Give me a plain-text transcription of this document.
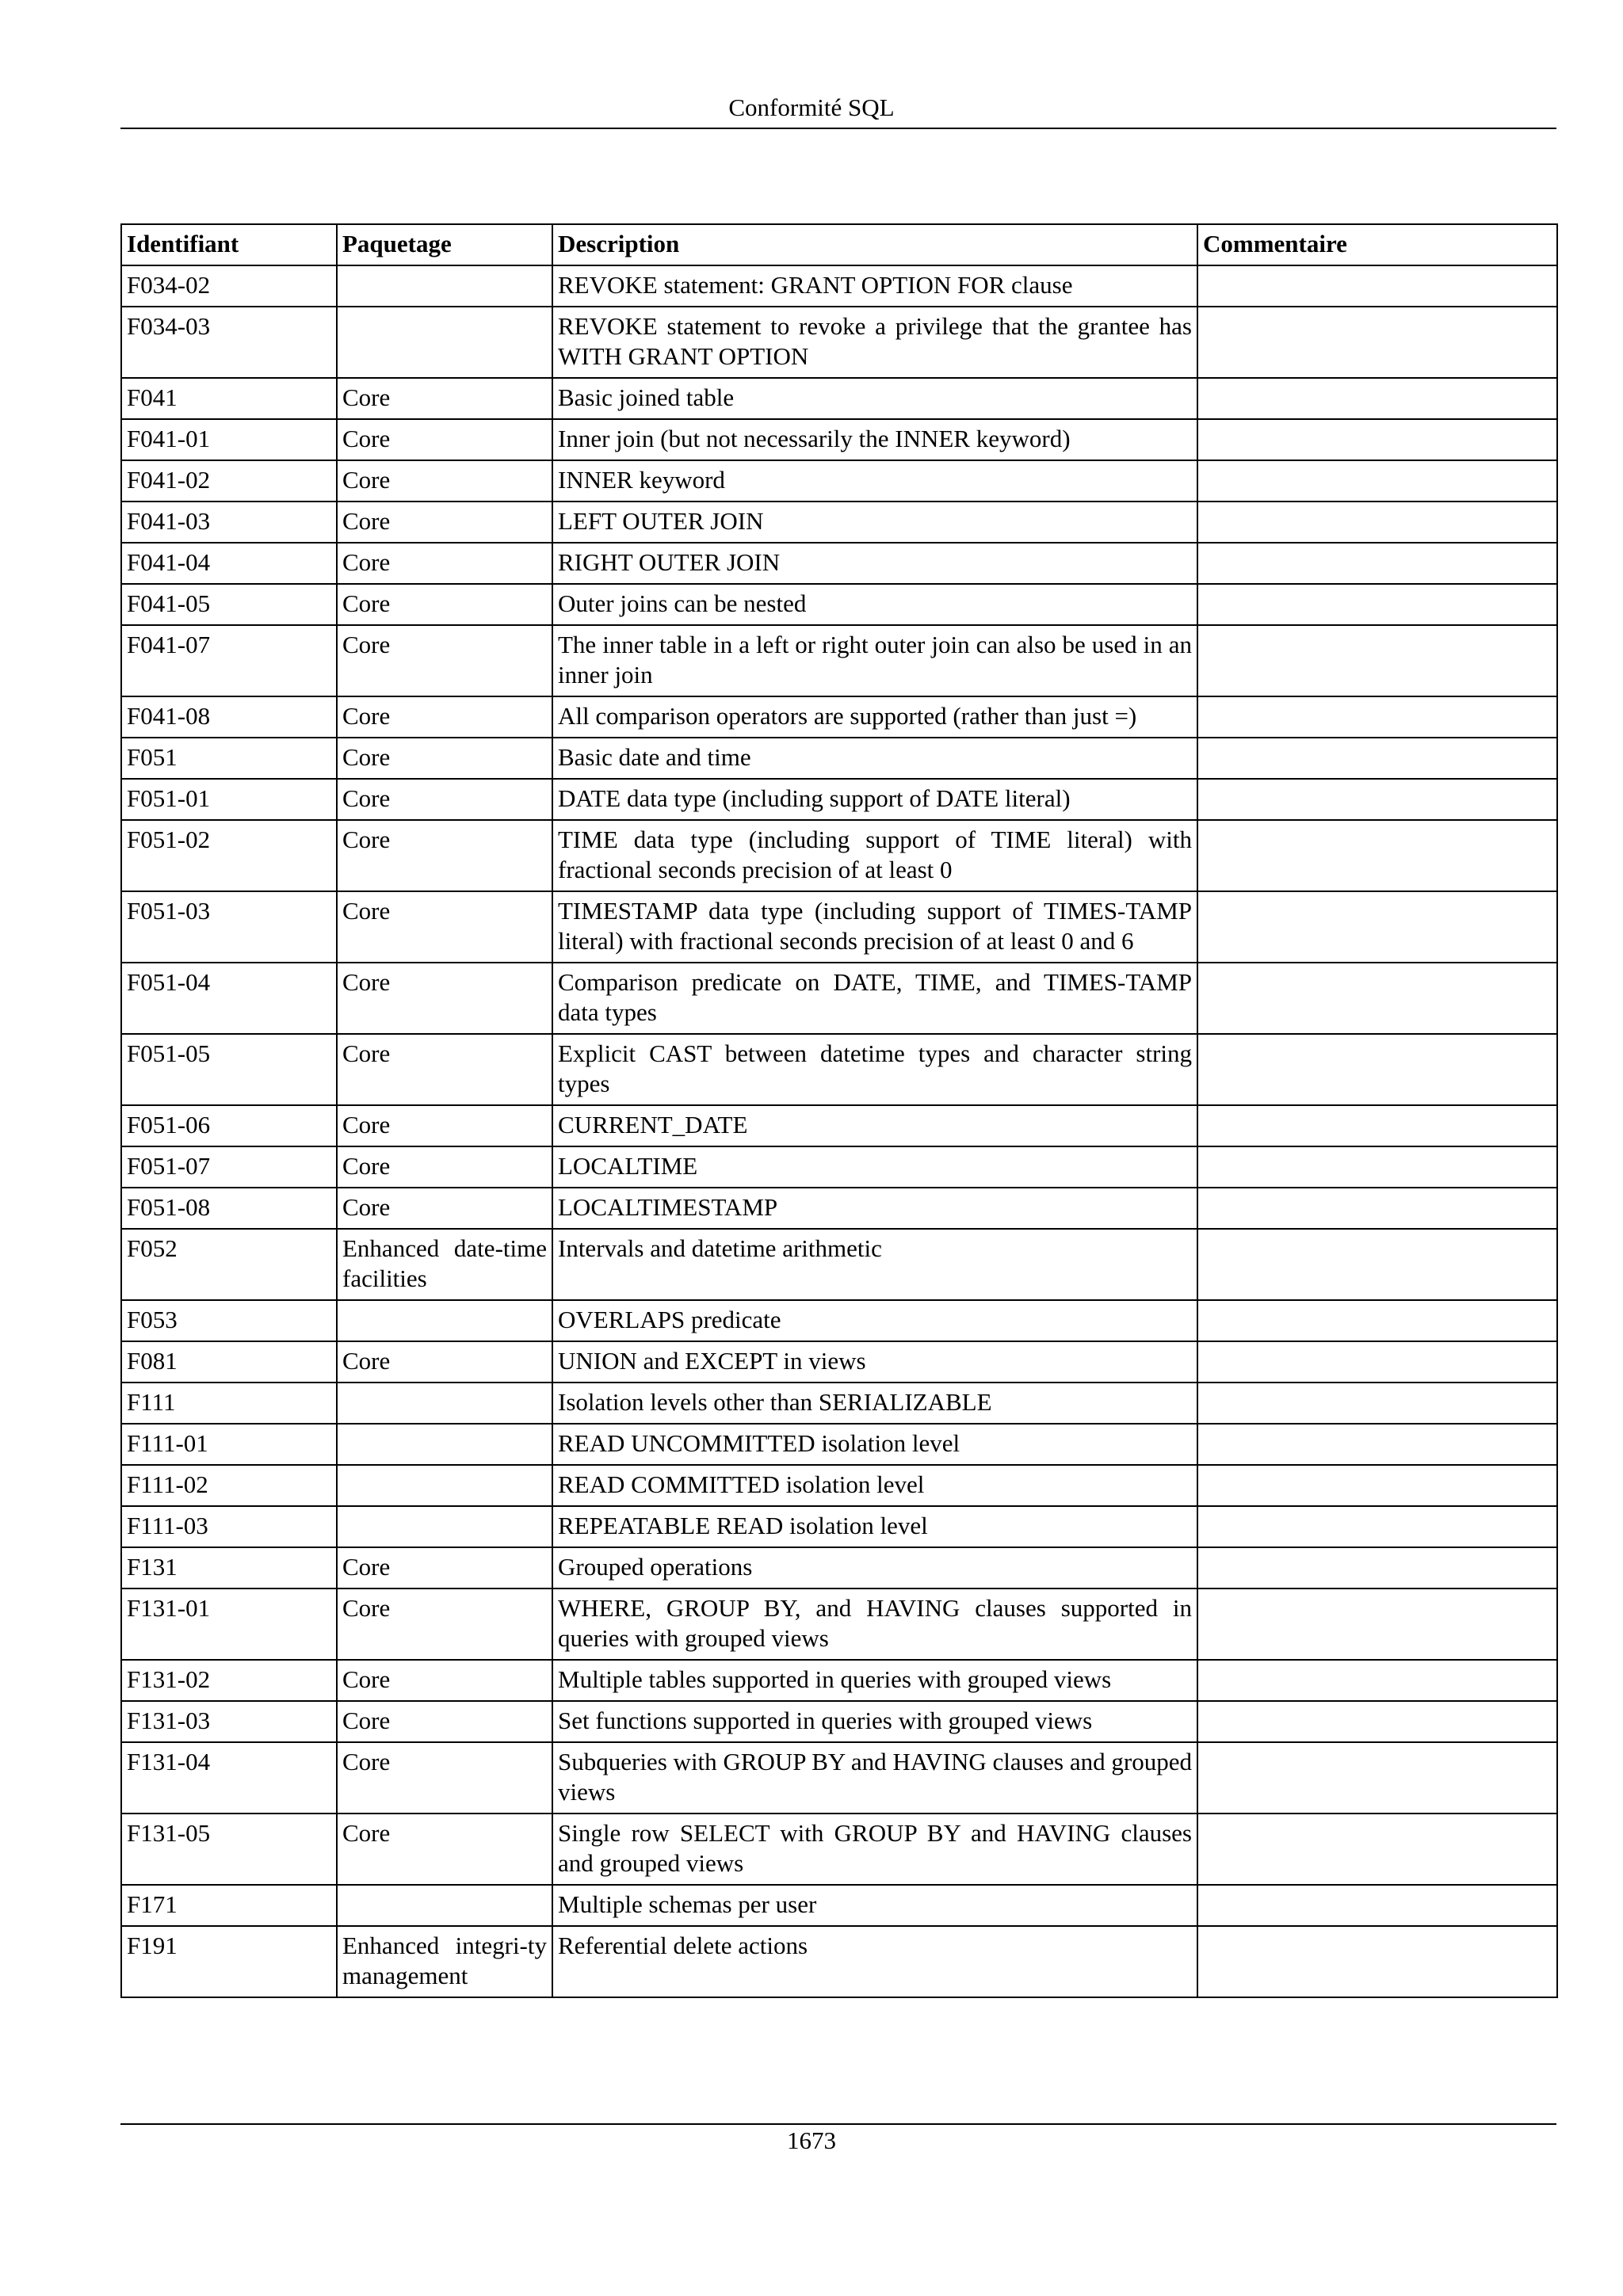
Conformité SQL
Identifiant	Paquetage	Description	Commentaire
F034-02		REVOKE statement: GRANT OPTION FOR clause	
F034-03		REVOKE statement to revoke a privilege that the grantee has WITH GRANT OPTION	
F041	Core	Basic joined table	
F041-01	Core	Inner join (but not necessarily the INNER keyword)	
F041-02	Core	INNER keyword	
F041-03	Core	LEFT OUTER JOIN	
F041-04	Core	RIGHT OUTER JOIN	
F041-05	Core	Outer joins can be nested	
F041-07	Core	The inner table in a left or right outer join can also be used in an inner join	
F041-08	Core	All comparison operators are supported (rather than just =)	
F051	Core	Basic date and time	
F051-01	Core	DATE data type (including support of DATE literal)	
F051-02	Core	TIME data type (including support of TIME literal) with fractional seconds precision of at least 0	
F051-03	Core	TIMESTAMP data type (including support of TIMES-TAMP literal) with fractional seconds precision of at least 0 and 6	
F051-04	Core	Comparison predicate on DATE, TIME, and TIMES-TAMP data types	
F051-05	Core	Explicit CAST between datetime types and character string types	
F051-06	Core	CURRENT_DATE	
F051-07	Core	LOCALTIME	
F051-08	Core	LOCALTIMESTAMP	
F052	Enhanced date-time facilities	Intervals and datetime arithmetic	
F053		OVERLAPS predicate	
F081	Core	UNION and EXCEPT in views	
F111		Isolation levels other than SERIALIZABLE	
F111-01		READ UNCOMMITTED isolation level	
F111-02		READ COMMITTED isolation level	
F111-03		REPEATABLE READ isolation level	
F131	Core	Grouped operations	
F131-01	Core	WHERE, GROUP BY, and HAVING clauses supported in queries with grouped views	
F131-02	Core	Multiple tables supported in queries with grouped views	
F131-03	Core	Set functions supported in queries with grouped views	
F131-04	Core	Subqueries with GROUP BY and HAVING clauses and grouped views	
F131-05	Core	Single row SELECT with GROUP BY and HAVING clauses and grouped views	
F171		Multiple schemas per user	
F191	Enhanced integri-ty management	Referential delete actions	
1673
